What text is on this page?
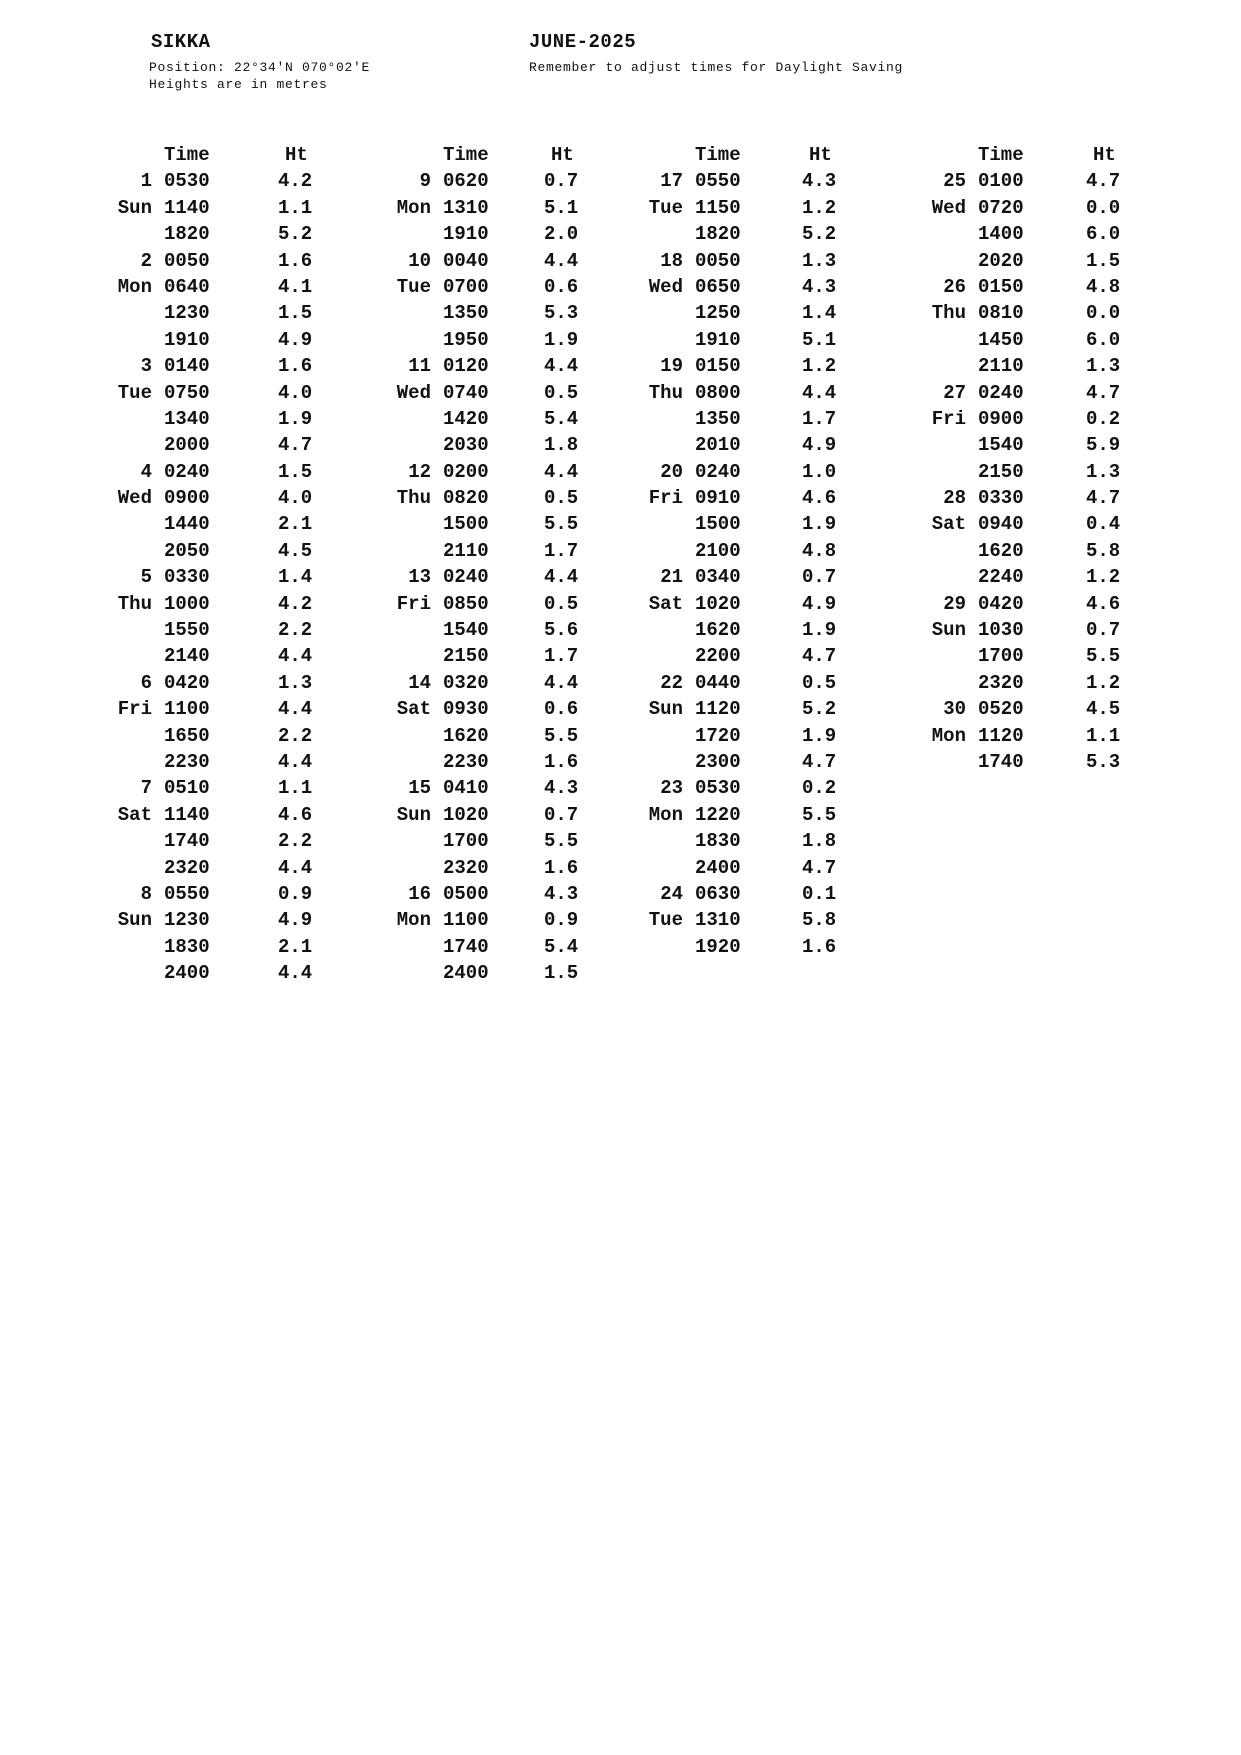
SIKKA	JUNE-2025
Position: 22°34'N 070°02'E
Heights are in metres
Remember to adjust times for Daylight Saving
Time	Ht
1 0530	4.2
Sun 1140	1.1
1820	5.2
2 0050	1.6
Mon 0640	4.1
1230	1.5
1910	4.9
3 0140	1.6
Tue 0750	4.0
1340	1.9
2000	4.7
4 0240	1.5
Wed 0900	4.0
1440	2.1
2050	4.5
5 0330	1.4
Thu 1000	4.2
1550	2.2
2140	4.4
6 0420	1.3
Fri 1100	4.4
1650	2.2
2230	4.4
7 0510	1.1
Sat 1140	4.6
1740	2.2
2320	4.4
8 0550	0.9
Sun 1230	4.9
1830	2.1
2400	4.4
Time	Ht
9 0620	0.7
Mon 1310	5.1
1910	2.0
10 0040	4.4
Tue 0700	0.6
1350	5.3
1950	1.9
11 0120	4.4
Wed 0740	0.5
1420	5.4
2030	1.8
12 0200	4.4
Thu 0820	0.5
1500	5.5
2110	1.7
13 0240	4.4
Fri 0850	0.5
1540	5.6
2150	1.7
14 0320	4.4
Sat 0930	0.6
1620	5.5
2230	1.6
15 0410	4.3
Sun 1020	0.7
1700	5.5
2320	1.6
16 0500	4.3
Mon 1100	0.9
1740	5.4
2400	1.5
Time	Ht
17 0550	4.3
Tue 1150	1.2
1820	5.2
18 0050	1.3
Wed 0650	4.3
1250	1.4
1910	5.1
19 0150	1.2
Thu 0800	4.4
1350	1.7
2010	4.9
20 0240	1.0
Fri 0910	4.6
1500	1.9
2100	4.8
21 0340	0.7
Sat 1020	4.9
1620	1.9
2200	4.7
22 0440	0.5
Sun 1120	5.2
1720	1.9
2300	4.7
23 0530	0.2
Mon 1220	5.5
1830	1.8
2400	4.7
24 0630	0.1
Tue 1310	5.8
1920	1.6
Time	Ht
25 0100	4.7
Wed 0720	0.0
1400	6.0
2020	1.5
26 0150	4.8
Thu 0810	0.0
1450	6.0
2110	1.3
27 0240	4.7
Fri 0900	0.2
1540	5.9
2150	1.3
28 0330	4.7
Sat 0940	0.4
1620	5.8
2240	1.2
29 0420	4.6
Sun 1030	0.7
1700	5.5
2320	1.2
30 0520	4.5
Mon 1120	1.1
1740	5.3
